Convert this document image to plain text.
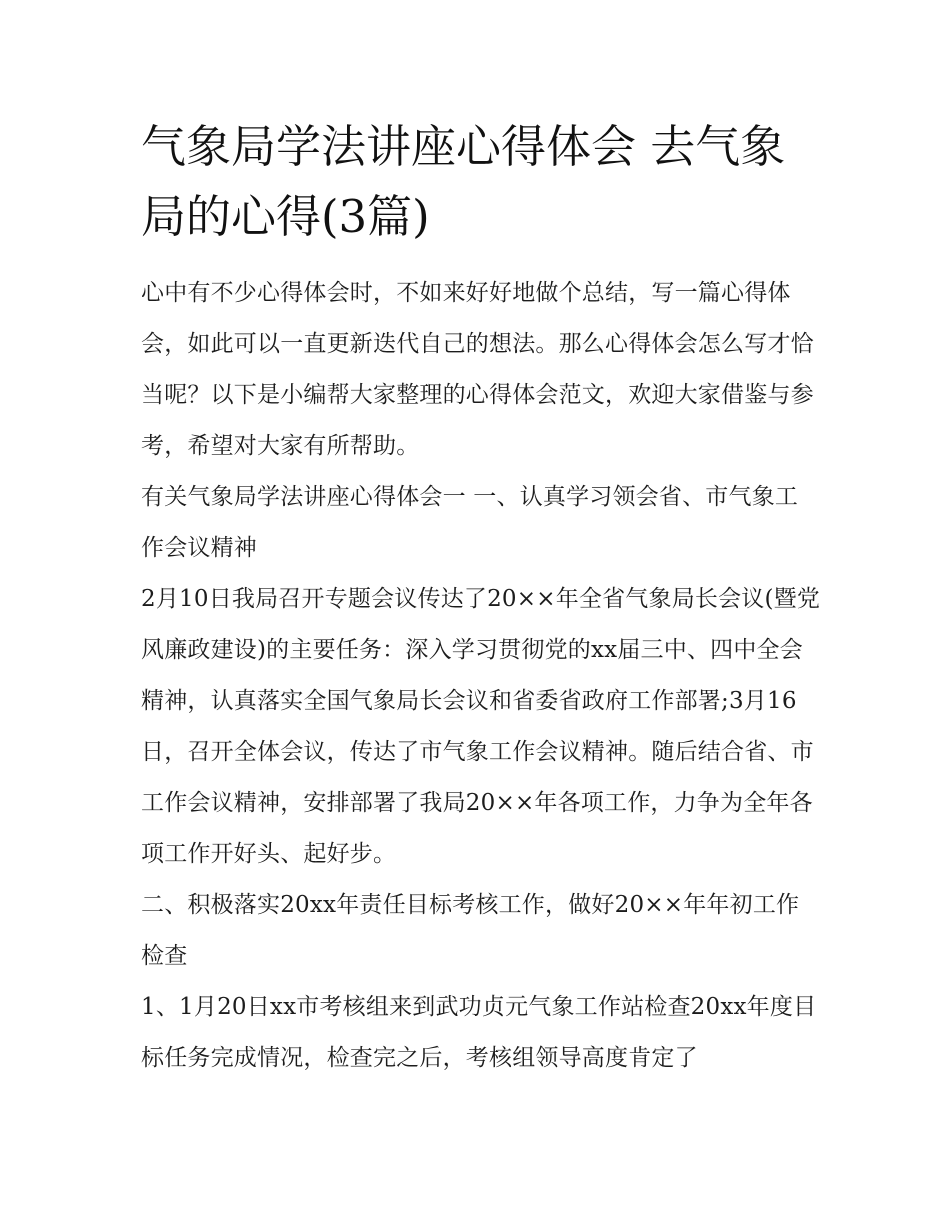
气象局学法讲座心得体会 去气象局的心得(3篇)

心中有不少心得体会时，不如来好好地做个总结，写一篇心得体会，如此可以一直更新迭代自己的想法。那么心得体会怎么写才恰当呢？以下是小编帮大家整理的心得体会范文，欢迎大家借鉴与参考，希望对大家有所帮助。

有关气象局学法讲座心得体会一 一、认真学习领会省、市气象工作会议精神

2月10日我局召开专题会议传达了20××年全省气象局长会议(暨党风廉政建设)的主要任务：深入学习贯彻党的xx届三中、四中全会精神，认真落实全国气象局长会议和省委省政府工作部署;3月16日，召开全体会议，传达了市气象工作会议精神。随后结合省、市工作会议精神，安排部署了我局20××年各项工作，力争为全年各项工作开好头、起好步。

二、积极落实20xx年责任目标考核工作，做好20××年年初工作检查

1、1月20日xx市考核组来到武功贞元气象工作站检查20xx年度目标任务完成情况，检查完之后，考核组领导高度肯定了
